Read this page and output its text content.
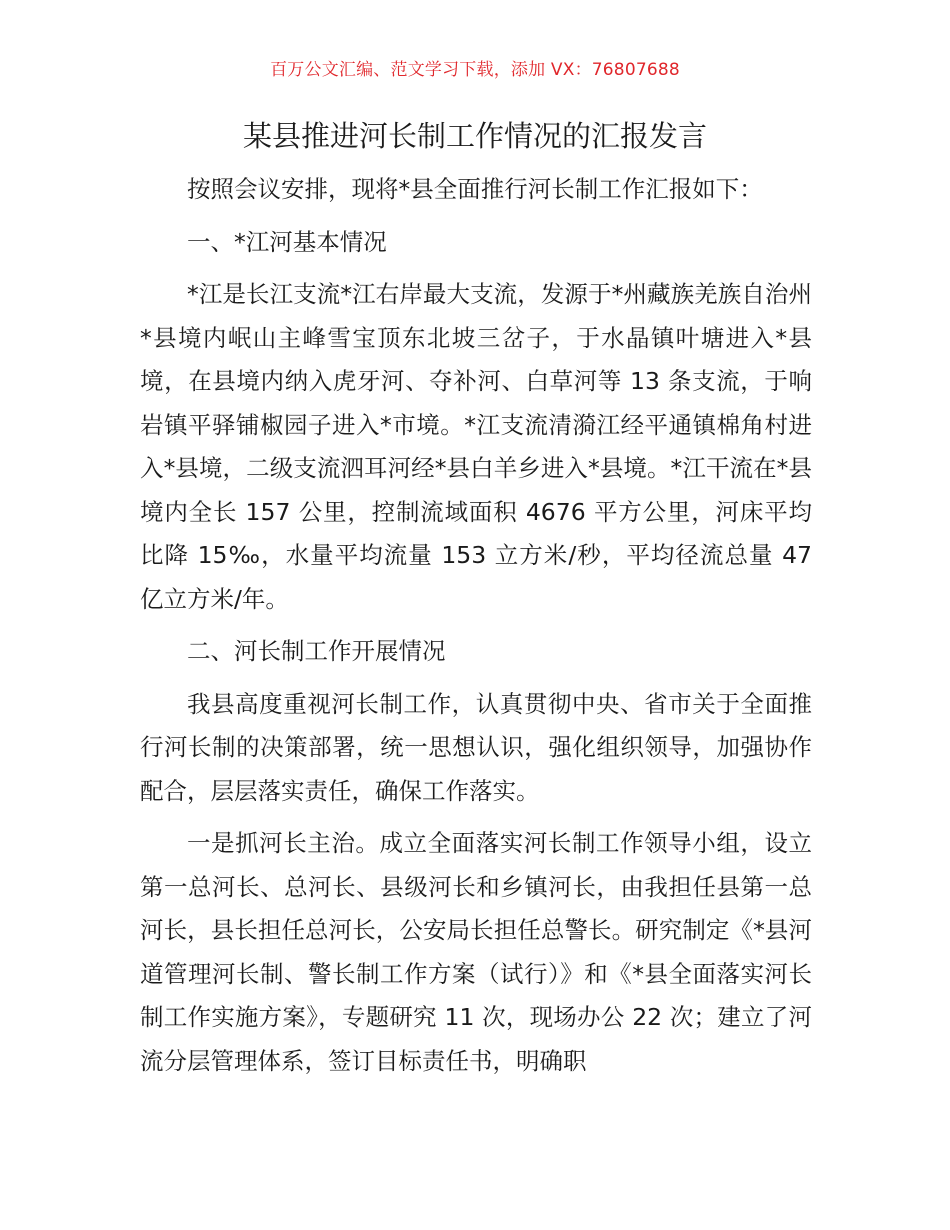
百万公文汇编、范文学习下载，添加 VX：76807688
某县推进河长制工作情况的汇报发言

按照会议安排，现将*县全面推行河长制工作汇报如下：

一、*江河基本情况

*江是长江支流*江右岸最大支流，发源于*州藏族羌族自治州*县境内岷山主峰雪宝顶东北坡三岔子，于水晶镇叶塘进入*县境，在县境内纳入虎牙河、夺补河、白草河等 13 条支流，于响岩镇平驿铺椒园子进入*市境。*江支流清漪江经平通镇棉角村进入*县境，二级支流泗耳河经*县白羊乡进入*县境。*江干流在*县境内全长 157 公里，控制流域面积 4676 平方公里，河床平均比降 15‰，水量平均流量 153 立方米/秒，平均径流总量 47 亿立方米/年。

二、河长制工作开展情况

我县高度重视河长制工作，认真贯彻中央、省市关于全面推行河长制的决策部署，统一思想认识，强化组织领导，加强协作配合，层层落实责任，确保工作落实。

一是抓河长主治。成立全面落实河长制工作领导小组，设立第一总河长、总河长、县级河长和乡镇河长，由我担任县第一总河长，县长担任总河长，公安局长担任总警长。研究制定《*县河道管理河长制、警长制工作方案（试行）》和《*县全面落实河长制工作实施方案》，专题研究 11 次，现场办公 22 次；建立了河流分层管理体系，签订目标责任书，明确职
